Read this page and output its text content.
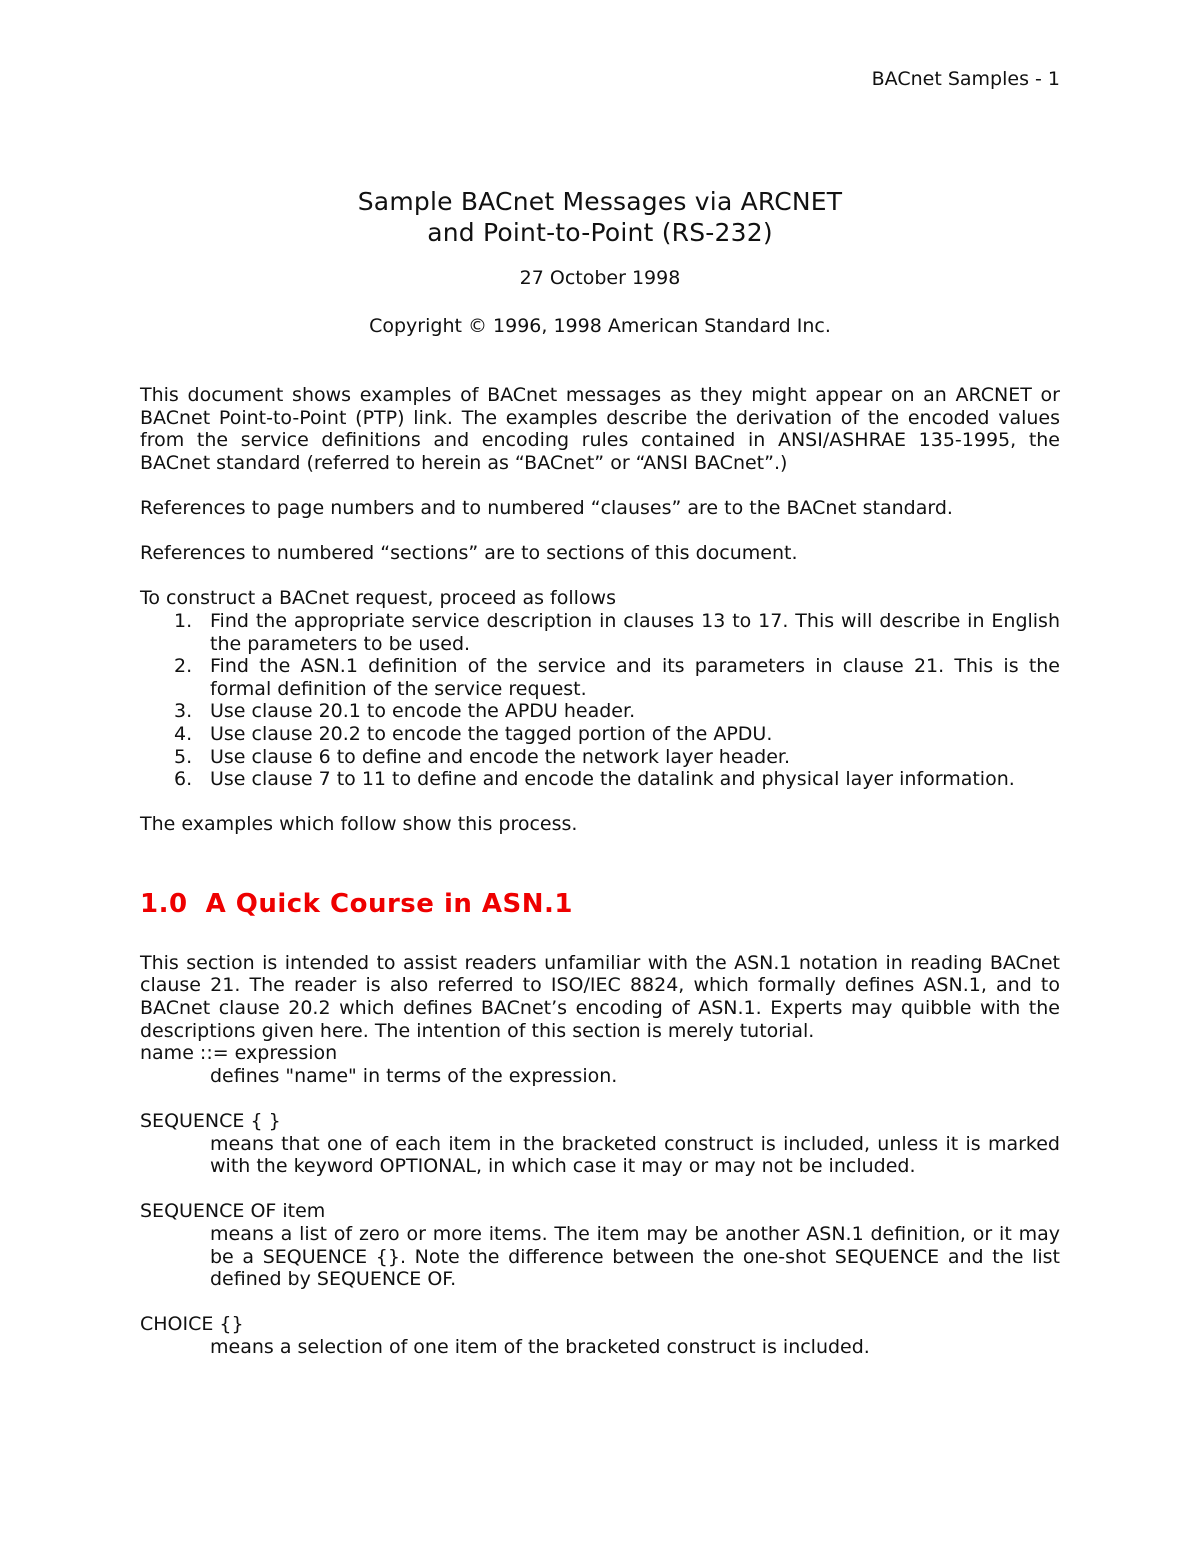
BACnet Samples - 1
Sample BACnet Messages via ARCNET
and Point-to-Point (RS-232)
27 October 1998
Copyright © 1996, 1998 American Standard Inc.

This document shows examples of BACnet messages as they might appear on an ARCNET or BACnet Point-to-Point (PTP) link. The examples describe the derivation of the encoded values from the service definitions and encoding rules contained in ANSI/ASHRAE 135-1995, the BACnet standard (referred to herein as “BACnet” or “ANSI BACnet”.)

References to page numbers and to numbered “clauses” are to the BACnet standard.

References to numbered “sections” are to sections of this document.

To construct a BACnet request, proceed as follows

1. Find the appropriate service description in clauses 13 to 17. This will describe in English the parameters to be used.
2. Find the ASN.1 definition of the service and its parameters in clause 21. This is the formal definition of the service request.
3. Use clause 20.1 to encode the APDU header.
4. Use clause 20.2 to encode the tagged portion of the APDU.
5. Use clause 6 to define and encode the network layer header.
6. Use clause 7 to 11 to define and encode the datalink and physical layer information.

The examples which follow show this process.

1.0 A Quick Course in ASN.1

This section is intended to assist readers unfamiliar with the ASN.1 notation in reading BACnet clause 21. The reader is also referred to ISO/IEC 8824, which formally defines ASN.1, and to BACnet clause 20.2 which defines BACnet’s encoding of ASN.1. Experts may quibble with the descriptions given here. The intention of this section is merely tutorial.

name ::= expression
defines "name" in terms of the expression.
SEQUENCE { }
means that one of each item in the bracketed construct is included, unless it is marked with the keyword OPTIONAL, in which case it may or may not be included.
SEQUENCE OF item
means a list of zero or more items. The item may be another ASN.1 definition, or it may be a SEQUENCE {}. Note the difference between the one-shot SEQUENCE and the list defined by SEQUENCE OF.
CHOICE {}
means a selection of one item of the bracketed construct is included.
